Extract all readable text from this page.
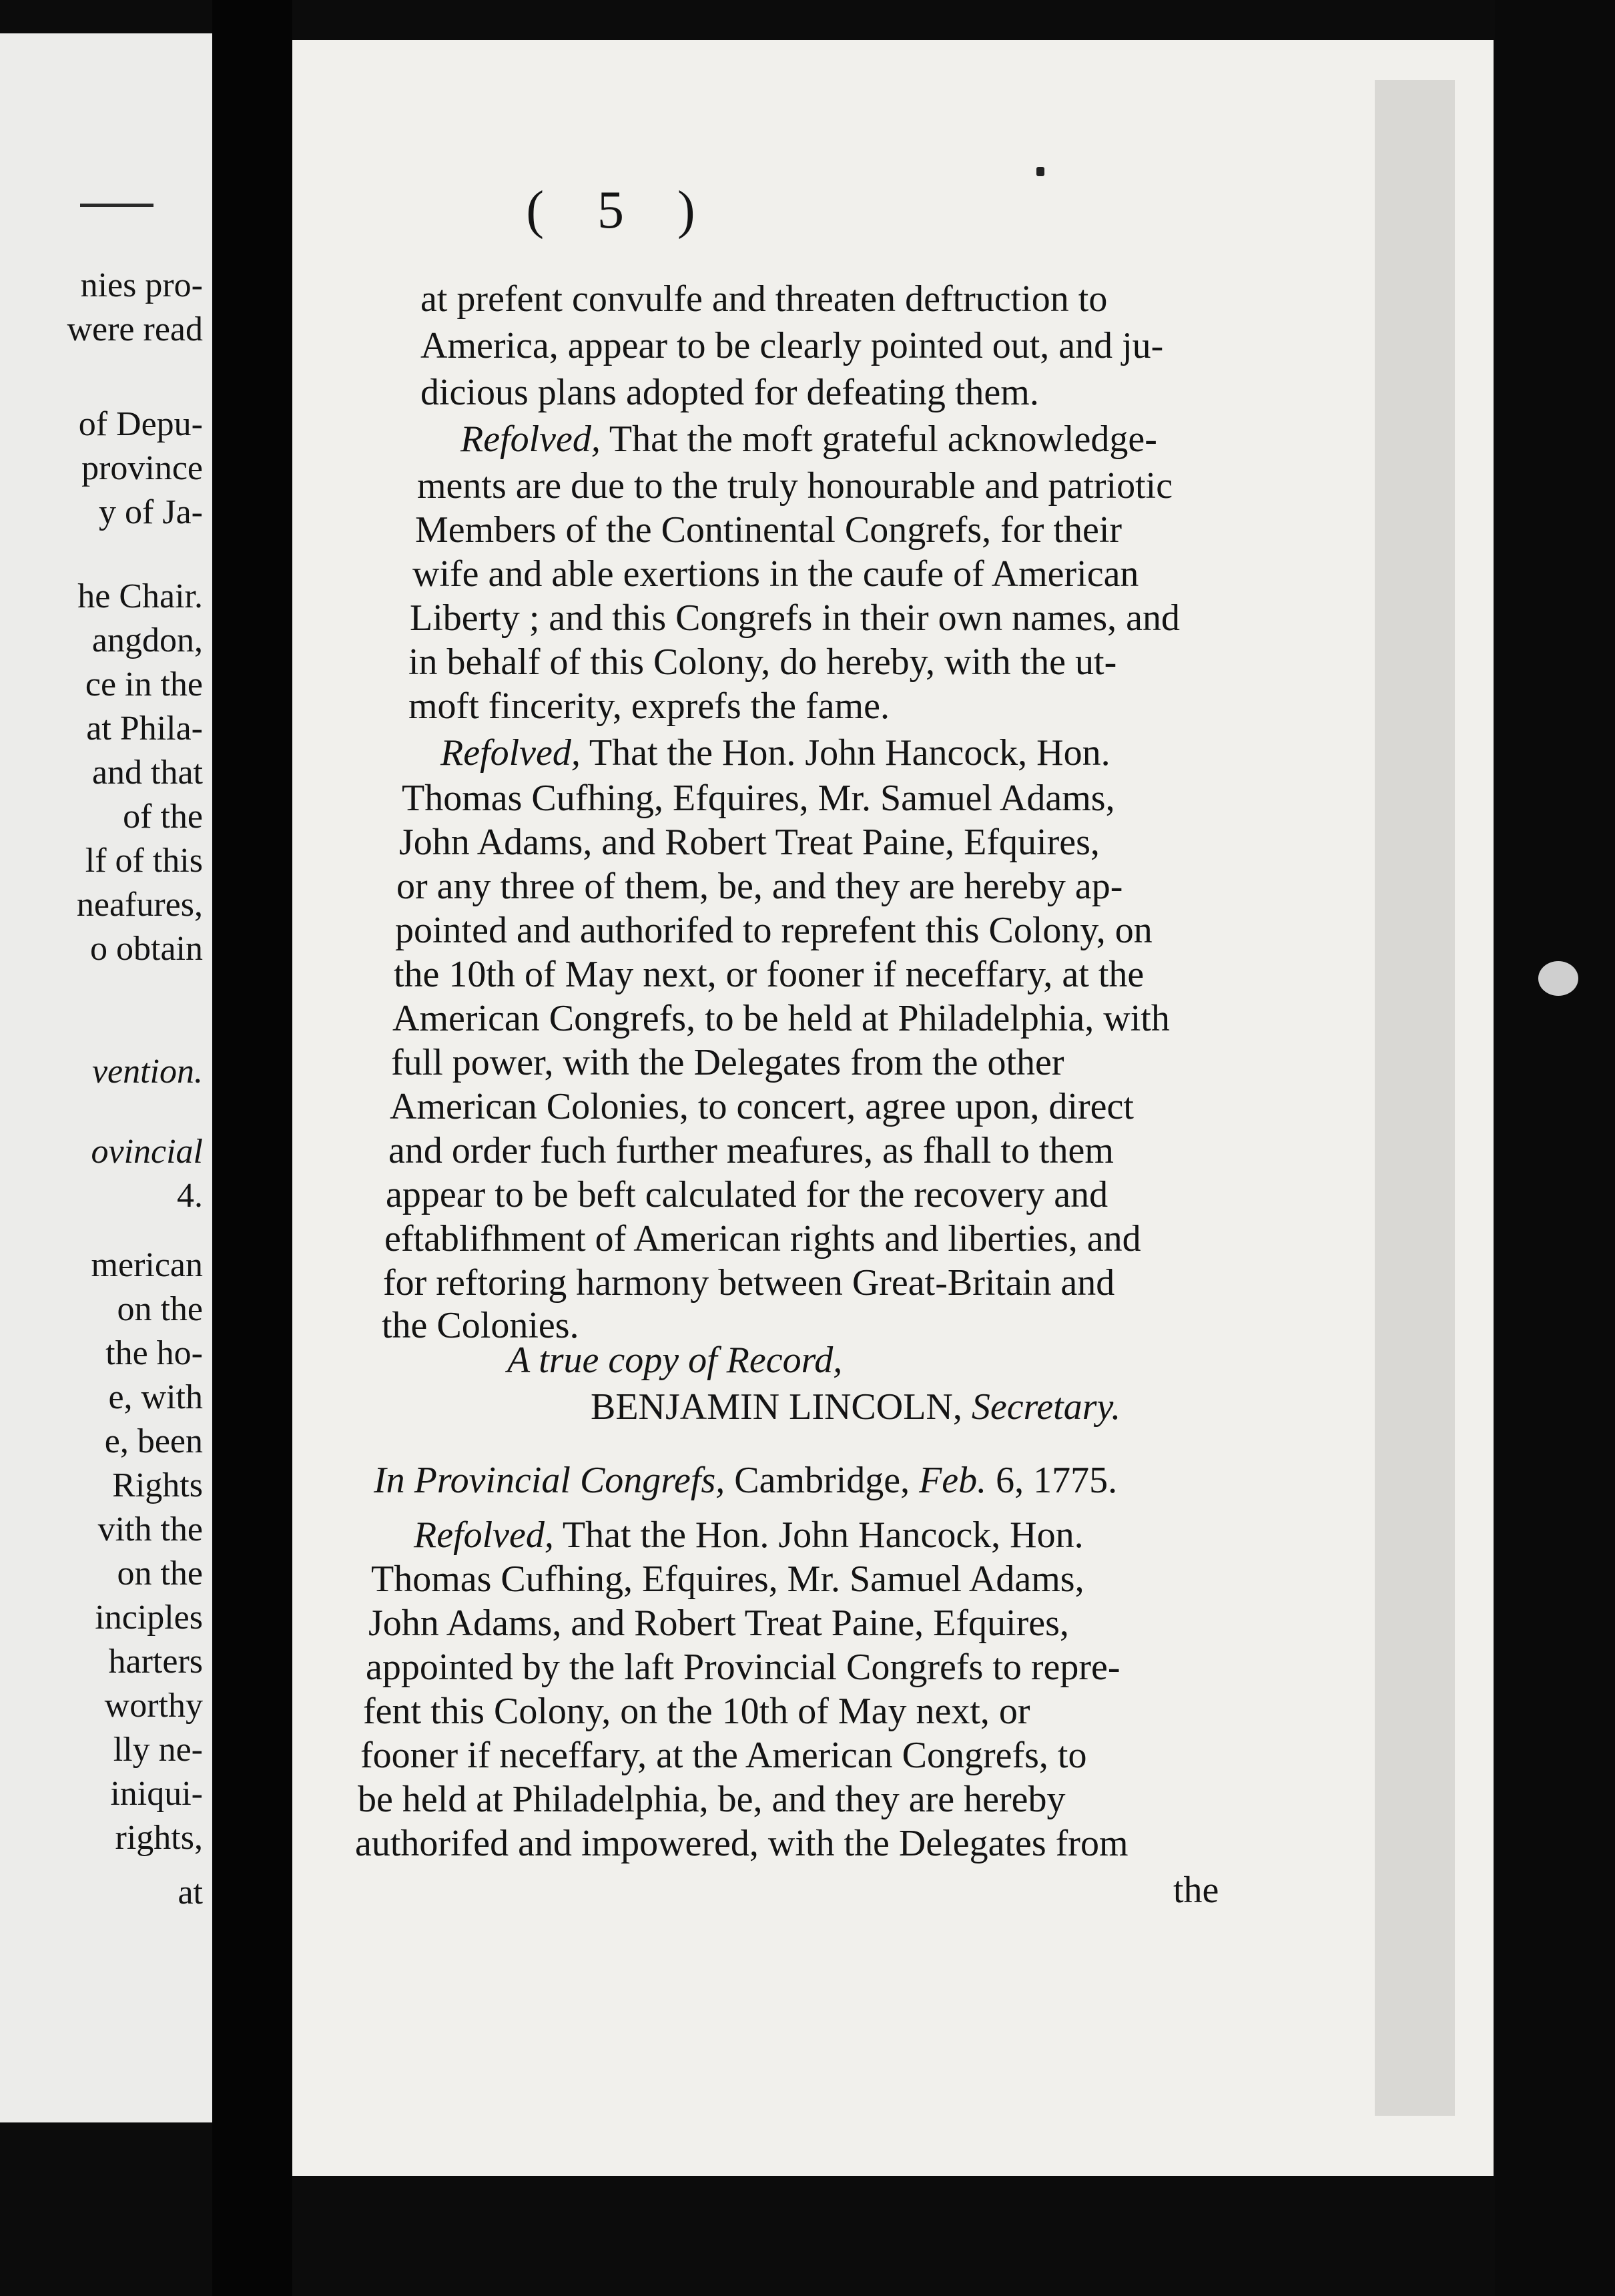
nies pro-
were read
of Depu-
province
y of Ja-
he Chair.
angdon,
ce in the
at Phila-
and that
of the
lf of this
neafures,
o obtain
vention.
ovincial
4.
merican
on the
the ho-
e, with
e, been
Rights
vith the
on the
inciples
harters
worthy
lly ne-
iniqui-
rights,
at
( 5 )
at prefent convulfe and threaten deftruction to
America, appear to be clearly pointed out, and ju-
dicious plans adopted for defeating them.
Refolved, That the moft grateful acknowledge-
ments are due to the truly honourable and patriotic
Members of the Continental Congrefs, for their
wife and able exertions in the caufe of American
Liberty ; and this Congrefs in their own names, and
in behalf of this Colony, do hereby, with the ut-
moft fincerity, exprefs the fame.
Refolved, That the Hon. John Hancock, Hon.
Thomas Cufhing, Efquires, Mr. Samuel Adams,
John Adams, and Robert Treat Paine, Efquires,
or any three of them, be, and they are hereby ap-
pointed and authorifed to reprefent this Colony, on
the 10th of May next, or fooner if neceffary, at the
American Congrefs, to be held at Philadelphia, with
full power, with the Delegates from the other
American Colonies, to concert, agree upon, direct
and order fuch further meafures, as fhall to them
appear to be beft calculated for the recovery and
eftablifhment of American rights and liberties, and
for reftoring harmony between Great-Britain and
the Colonies.
A true copy of Record,
BENJAMIN LINCOLN, Secretary.
In Provincial Congrefs, Cambridge, Feb. 6, 1775.
Refolved, That the Hon. John Hancock, Hon.
Thomas Cufhing, Efquires, Mr. Samuel Adams,
John Adams, and Robert Treat Paine, Efquires,
appointed by the laft Provincial Congrefs to repre-
fent this Colony, on the 10th of May next, or
fooner if neceffary, at the American Congrefs, to
be held at Philadelphia, be, and they are hereby
authorifed and impowered, with the Delegates from
the
